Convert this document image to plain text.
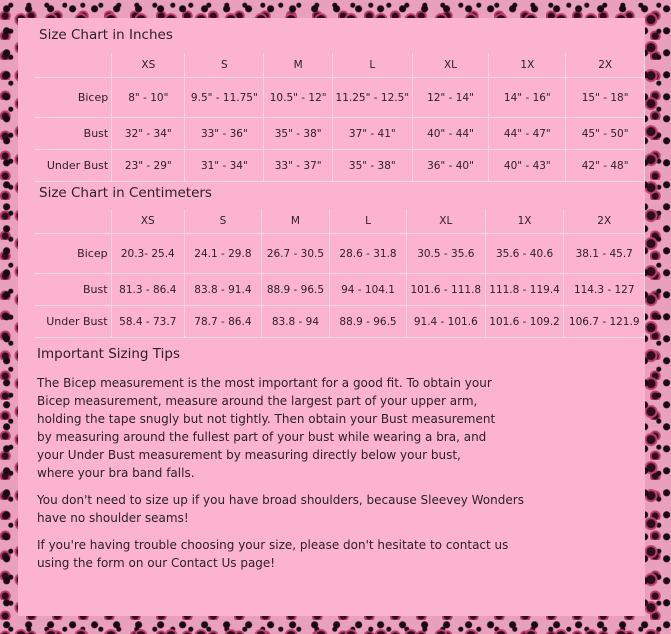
Size Chart in Inches
	XS	S	M	L	XL	1X	2X
Bicep	8" - 10"	9.5" - 11.75"	10.5" - 12"	11.25" - 12.5"	12" - 14"	14" - 16"	15" - 18"
Bust	32" - 34"	33" - 36"	35" - 38"	37" - 41"	40" - 44"	44" - 47"	45" - 50"
Under Bust	23" - 29"	31" - 34"	33" - 37"	35" - 38"	36" - 40"	40" - 43"	42" - 48"
Size Chart in Centimeters
	XS	S	M	L	XL	1X	2X
Bicep	20.3- 25.4	24.1 - 29.8	26.7 - 30.5	28.6 - 31.8	30.5 - 35.6	35.6 - 40.6	38.1 - 45.7
Bust	81.3 - 86.4	83.8 - 91.4	88.9 - 96.5	94 - 104.1	101.6 - 111.8	111.8 - 119.4	114.3 - 127
Under Bust	58.4 - 73.7	78.7 - 86.4	83.8 - 94	88.9 - 96.5	91.4 - 101.6	101.6 - 109.2	106.7 - 121.9
Important Sizing Tips

The Bicep measurement is the most important for a good fit. To obtain your
Bicep measurement, measure around the largest part of your upper arm,
holding the tape snugly but not tightly. Then obtain your Bust measurement
by measuring around the fullest part of your bust while wearing a bra, and
your Under Bust measurement by measuring directly below your bust,
where your bra band falls.

You don't need to size up if you have broad shoulders, because Sleevey Wonders
have no shoulder seams!

If you're having trouble choosing your size, please don't hesitate to contact us
using the form on our Contact Us page!
